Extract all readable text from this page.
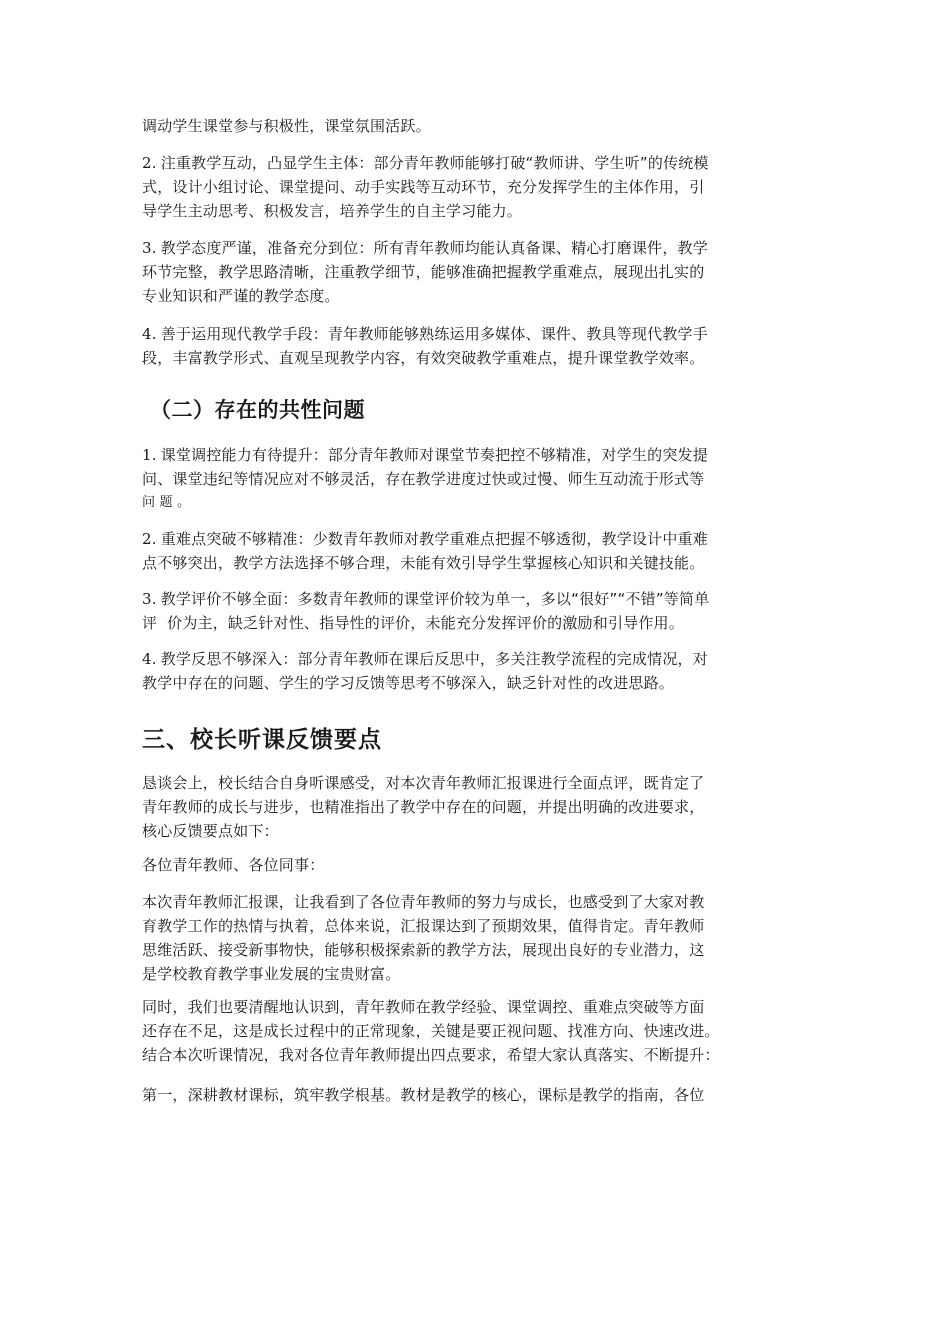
调动学生课堂参与积极性，课堂氛围活跃。
2. 注重教学互动，凸显学生主体：部分青年教师能够打破“教师讲、学生听”的传统模
式，设计小组讨论、课堂提问、动手实践等互动环节，充分发挥学生的主体作用，引
导学生主动思考、积极发言，培养学生的自主学习能力。
3. 教学态度严谨，准备充分到位：所有青年教师均能认真备课、精心打磨课件，教学
环节完整，教学思路清晰，注重教学细节，能够准确把握教学重难点，展现出扎实的
专业知识和严谨的教学态度。
4. 善于运用现代教学手段：青年教师能够熟练运用多媒体、课件、教具等现代教学手
段，丰富教学形式、直观呈现教学内容，有效突破教学重难点，提升课堂教学效率。
（二）存在的共性问题
1. 课堂调控能力有待提升：部分青年教师对课堂节奏把控不够精准，对学生的突发提
问、课堂违纪等情况应对不够灵活，存在教学进度过快或过慢、师生互动流于形式等
问 题 。
2. 重难点突破不够精准：少数青年教师对教学重难点把握不够透彻，教学设计中重难
点不够突出，教学方法选择不够合理，未能有效引导学生掌握核心知识和关键技能。
3. 教学评价不够全面：多数青年教师的课堂评价较为单一，多以“很好”“不错”等简单
评  价为主，缺乏针对性、指导性的评价，未能充分发挥评价的激励和引导作用。
4. 教学反思不够深入：部分青年教师在课后反思中，多关注教学流程的完成情况，对
教学中存在的问题、学生的学习反馈等思考不够深入，缺乏针对性的改进思路。
三、校长听课反馈要点
恳谈会上，校长结合自身听课感受，对本次青年教师汇报课进行全面点评，既肯定了
青年教师的成长与进步，也精准指出了教学中存在的问题，并提出明确的改进要求，
核心反馈要点如下：
各位青年教师、各位同事：
本次青年教师汇报课，让我看到了各位青年教师的努力与成长，也感受到了大家对教
育教学工作的热情与执着，总体来说，汇报课达到了预期效果，值得肯定。青年教师
思维活跃、接受新事物快，能够积极探索新的教学方法，展现出良好的专业潜力，这
是学校教育教学事业发展的宝贵财富。
同时，我们也要清醒地认识到，青年教师在教学经验、课堂调控、重难点突破等方面
还存在不足，这是成长过程中的正常现象，关键是要正视问题、找准方向、快速改进。
结合本次听课情况，我对各位青年教师提出四点要求，希望大家认真落实、不断提升：
第一，深耕教材课标，筑牢教学根基。教材是教学的核心，课标是教学的指南，各位
